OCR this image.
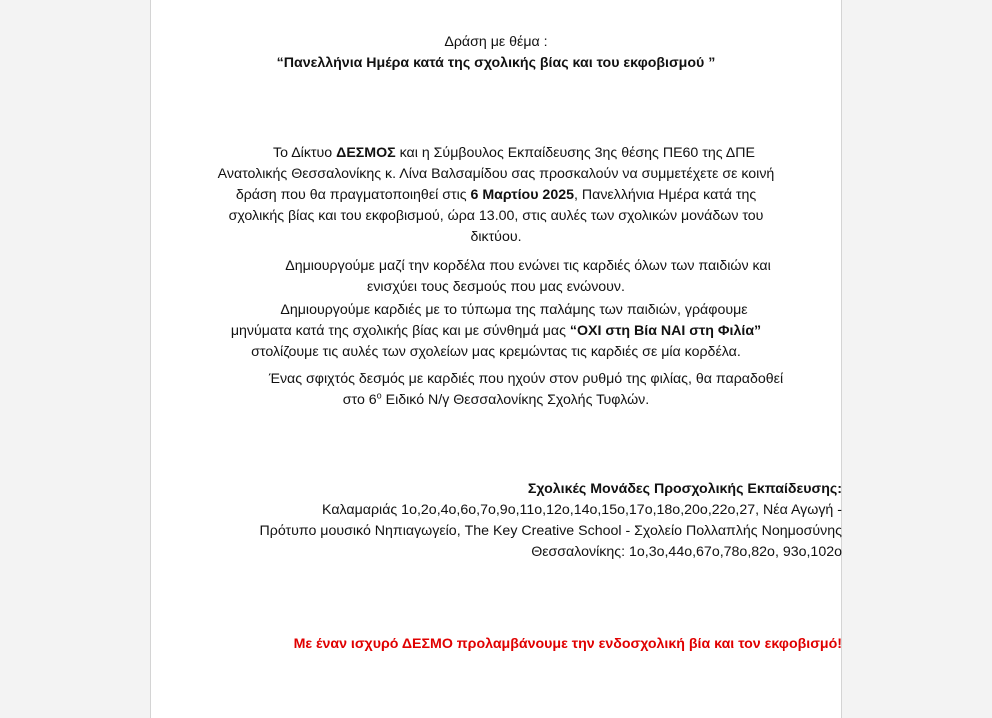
Δράση με θέμα :
“Πανελλήνια Ημέρα κατά της σχολικής βίας και του εκφοβισμού ”
Το Δίκτυο ΔΕΣΜΟΣ και η Σύμβουλος Εκπαίδευσης 3ης θέσης ΠΕ60 της ΔΠΕ
Ανατολικής Θεσσαλονίκης κ. Λίνα Βαλσαμίδου σας προσκαλούν να συμμετέχετε σε κοινή
δράση που θα πραγματοποιηθεί στις 6 Μαρτίου 2025, Πανελλήνια Ημέρα κατά της
σχολικής βίας και του εκφοβισμού, ώρα 13.00, στις αυλές των σχολικών μονάδων του
δικτύου.
Δημιουργούμε μαζί την κορδέλα που ενώνει τις καρδιές όλων των παιδιών και
ενισχύει τους δεσμούς που μας ενώνουν.
Δημιουργούμε καρδιές με το τύπωμα της παλάμης των παιδιών, γράφουμε
μηνύματα κατά της σχολικής βίας και με σύνθημά μας “ΟΧΙ στη Βία ΝΑΙ στη Φιλία”
στολίζουμε τις αυλές των σχολείων μας κρεμώντας τις καρδιές σε μία κορδέλα.
Ένας σφιχτός δεσμός με καρδιές που ηχούν στον ρυθμό της φιλίας, θα παραδοθεί
στο $6^o$ Ειδικό Ν/γ Θεσσαλονίκης Σχολής Τυφλών.
Σχολικές Μονάδες Προσχολικής Εκπαίδευσης:
Καλαμαριάς 1ο,2ο,4ο,6ο,7ο,9ο,11ο,12ο,14ο,15ο,17ο,18ο,20ο,22ο,27, Νέα Αγωγή -
Πρότυπο μουσικό Νηπιαγωγείο, The Key Creative School - Σχολείο Πολλαπλής Νοημοσύνης
Θεσσαλονίκης: 1ο,3ο,44ο,67ο,78ο,82ο, 93ο,102ο
Με έναν ισχυρό ΔΕΣΜΟ προλαμβάνουμε την ενδοσχολική βία και τον εκφοβισμό!
